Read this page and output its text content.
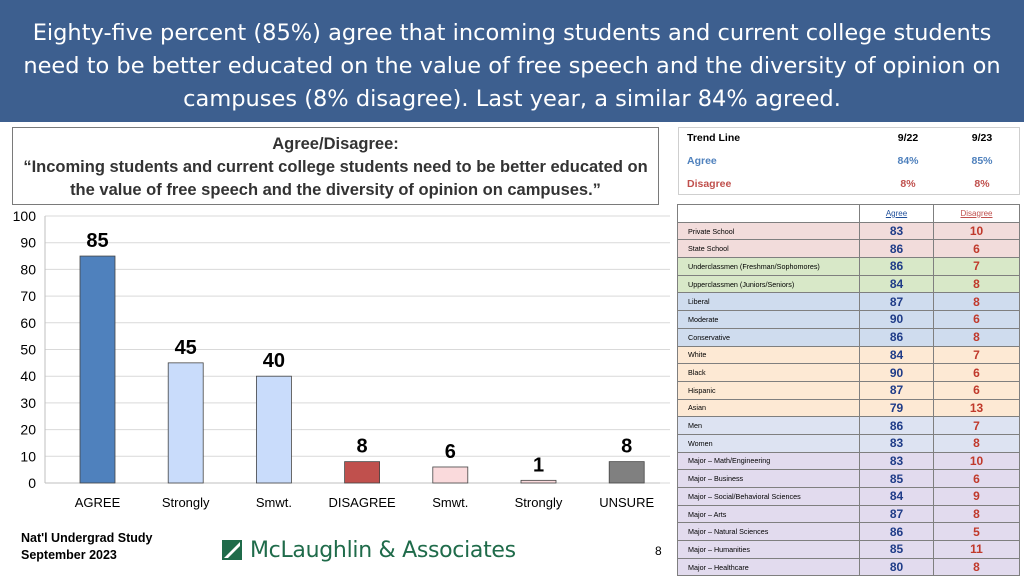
Eighty-five percent (85%) agree that incoming students and current college students need to be better educated on the value of free speech and the diversity of opinion on campuses (8% disagree). Last year, a similar 84% agreed.
Agree/Disagree:
“Incoming students and current college students need to be better educated on the value of free speech and the diversity of opinion on campuses.”
0
10
20
30
40
50
60
70
80
90
100
85
AGREE
45
Strongly
40
Smwt.
8
DISAGREE
6
Smwt.
1
Strongly
8
UNSURE
Nat'l Undergrad Study
September 2023	McLaughlin & Associates	8
Trend Line	9/22	9/23
Agree	84%	85%
Disagree	8%	8%
	Agree	Disagree
Private School	83	10
State School	86	6
Underclassmen (Freshman/Sophomores)	86	7
Upperclassmen (Juniors/Seniors)	84	8
Liberal	87	8
Moderate	90	6
Conservative	86	8
White	84	7
Black	90	6
Hispanic	87	6
Asian	79	13
Men	86	7
Women	83	8
Major – Math/Engineering	83	10
Major – Business	85	6
Major – Social/Behavioral Sciences	84	9
Major – Arts	87	8
Major – Natural Sciences	86	5
Major – Humanities	85	11
Major – Healthcare	80	8
